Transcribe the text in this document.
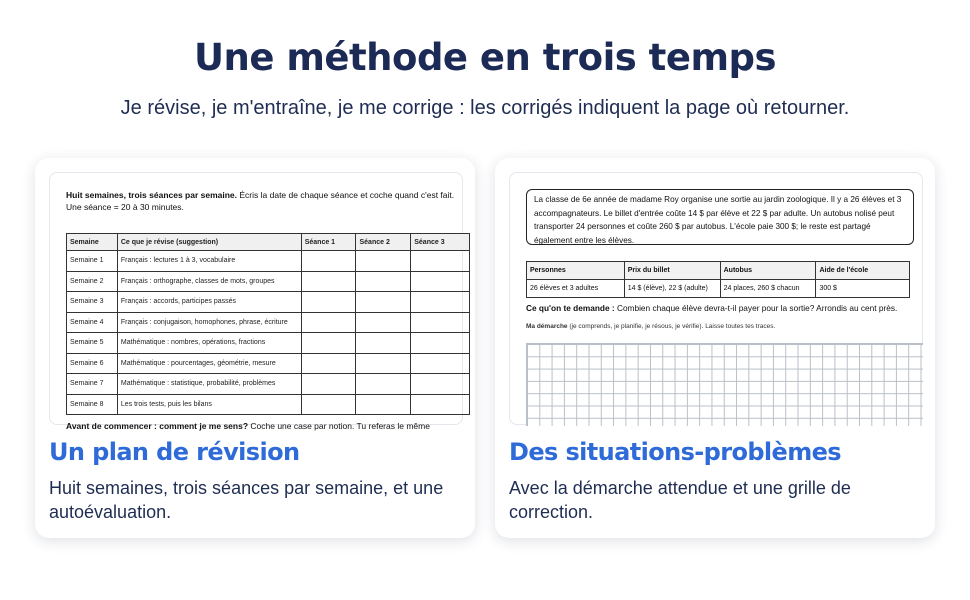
Une méthode en trois temps

Je révise, je m'entraîne, je me corrige : les corrigés indiquent la page où retourner.

Huit semaines, trois séances par semaine. Écris la date de chaque séance et coche quand c'est fait. Une séance = 20 à 30 minutes.
Semaine	Ce que je révise (suggestion)	Séance 1	Séance 2	Séance 3
Semaine 1	Français : lectures 1 à 3, vocabulaire			
Semaine 2	Français : orthographe, classes de mots, groupes			
Semaine 3	Français : accords, participes passés			
Semaine 4	Français : conjugaison, homophones, phrase, écriture			
Semaine 5	Mathématique : nombres, opérations, fractions			
Semaine 6	Mathématique : pourcentages, géométrie, mesure			
Semaine 7	Mathématique : statistique, probabilité, problèmes			
Semaine 8	Les trois tests, puis les bilans			
Avant de commencer : comment je me sens? Coche une case par notion. Tu referas le même
Un plan de révision

Huit semaines, trois séances par semaine, et une autoévaluation.

La classe de 6e année de madame Roy organise une sortie au jardin zoologique. Il y a 26 élèves et 3 accompagnateurs. Le billet d'entrée coûte 14 $ par élève et 22 $ par adulte. Un autobus nolisé peut transporter 24 personnes et coûte 260 $ par autobus. L'école paie 300 $; le reste est partagé également entre les élèves.
Personnes	Prix du billet	Autobus	Aide de l'école
26 élèves et 3 adultes	14 $ (élève), 22 $ (adulte)	24 places, 260 $ chacun	300 $
Ce qu'on te demande : Combien chaque élève devra-t-il payer pour la sortie? Arrondis au cent près.
Ma démarche (je comprends, je planifie, je résous, je vérifie). Laisse toutes tes traces.
Des situations-problèmes

Avec la démarche attendue et une grille de correction.
